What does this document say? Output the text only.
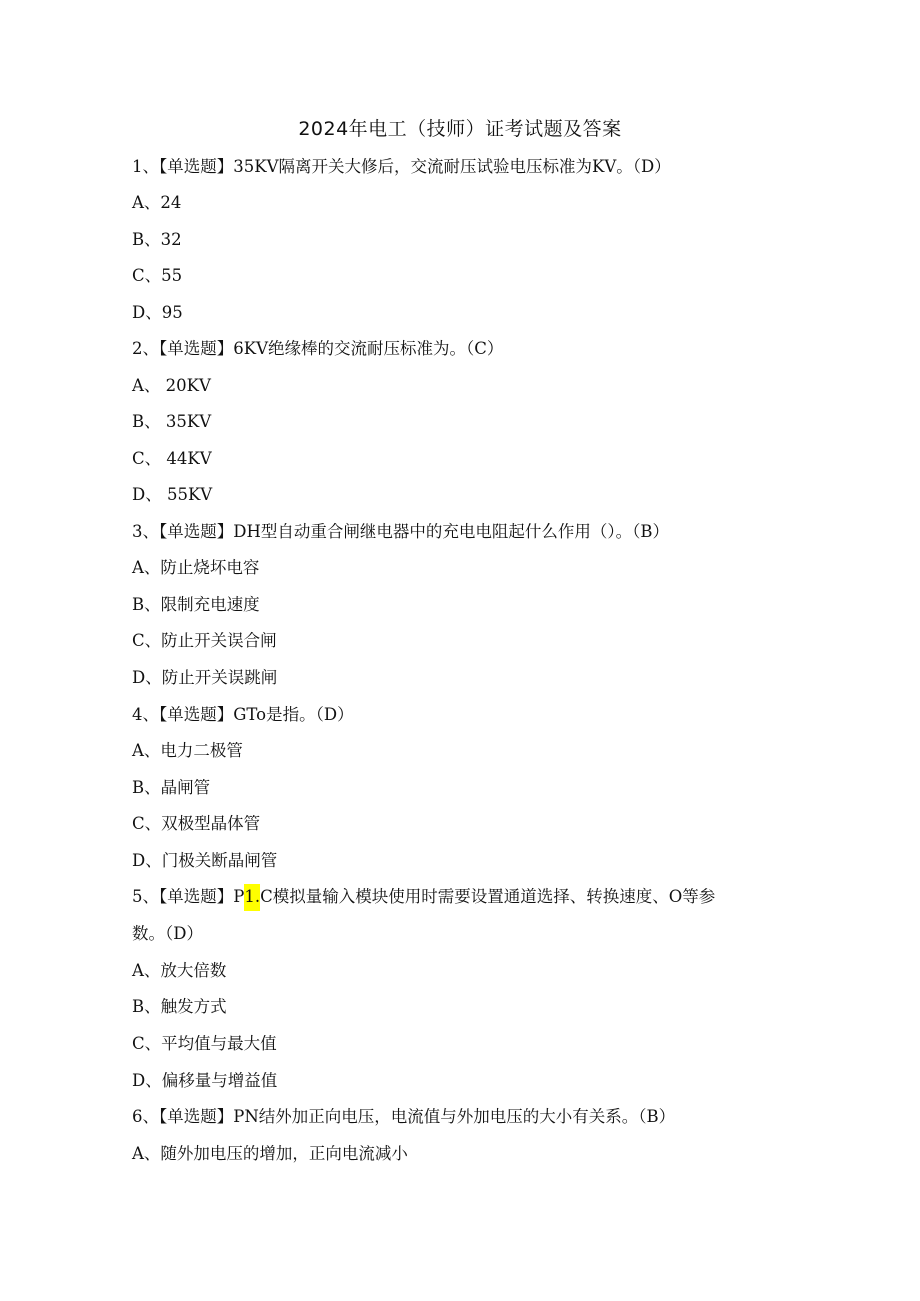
2024年电工（技师）证考试题及答案
1、【单选题】35KV隔离开关大修后，交流耐压试验电压标准为KV。（D）
A、24
B、32
C、55
D、95
2、【单选题】6KV绝缘棒的交流耐压标准为。（C）
A、 20KV
B、 35KV
C、 44KV
D、 55KV
3、【单选题】DH型自动重合闸继电器中的充电电阻起什么作用（）。（B）
A、防止烧坏电容
B、限制充电速度
C、防止开关误合闸
D、防止开关误跳闸
4、【单选题】GTo是指。（D）
A、电力二极管
B、晶闸管
C、双极型晶体管
D、门极关断晶闸管
5、【单选题】P1.C模拟量输入模块使用时需要设置通道选择、转换速度、O等参
数。（D）
A、放大倍数
B、触发方式
C、平均值与最大值
D、偏移量与增益值
6、【单选题】PN结外加正向电压，电流值与外加电压的大小有关系。（B）
A、随外加电压的增加，正向电流减小
